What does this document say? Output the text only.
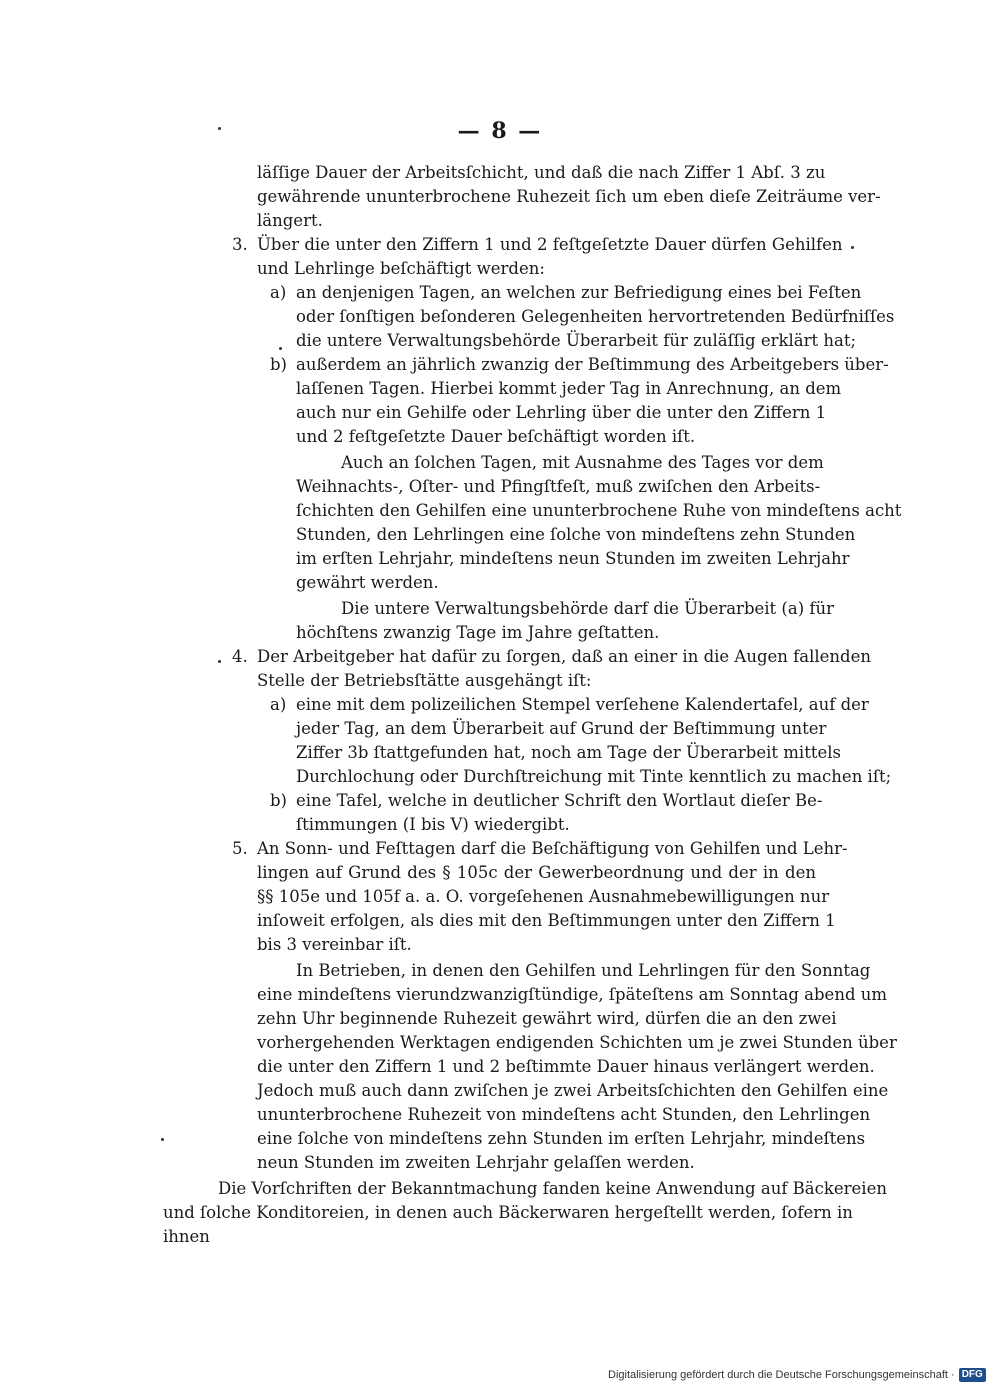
— 8 —
3.
a)
b)
4.
a)
b)
5.
läſſige Dauer der Arbeitsſchicht, und daß die nach Ziffer 1 Abſ. 3 zu
gewährende ununterbrochene Ruhezeit ſich um eben dieſe Zeiträume ver-
längert.
Über die unter den Ziffern 1 und 2 feſtgeſetzte Dauer dürfen Gehilfen
und Lehrlinge beſchäftigt werden:
an denjenigen Tagen, an welchen zur Befriedigung eines bei Feſten
oder ſonſtigen beſonderen Gelegenheiten hervortretenden Bedürfniſſes
die untere Verwaltungsbehörde Überarbeit für zuläſſig erklärt hat;
außerdem an jährlich zwanzig der Beſtimmung des Arbeitgebers über-
laſſenen Tagen. Hierbei kommt jeder Tag in Anrechnung, an dem
auch nur ein Gehilfe oder Lehrling über die unter den Ziffern 1
und 2 feſtgeſetzte Dauer beſchäftigt worden iſt.
Auch an ſolchen Tagen, mit Ausnahme des Tages vor dem
Weihnachts-, Oſter- und Pfingſtfeſt, muß zwiſchen den Arbeits-
ſchichten den Gehilfen eine ununterbrochene Ruhe von mindeſtens acht
Stunden, den Lehrlingen eine ſolche von mindeſtens zehn Stunden
im erſten Lehrjahr, mindeſtens neun Stunden im zweiten Lehrjahr
gewährt werden.
Die untere Verwaltungsbehörde darf die Überarbeit (a) für
höchſtens zwanzig Tage im Jahre geſtatten.
Der Arbeitgeber hat dafür zu ſorgen, daß an einer in die Augen fallenden
Stelle der Betriebsſtätte ausgehängt iſt:
eine mit dem polizeilichen Stempel verſehene Kalendertafel, auf der
jeder Tag, an dem Überarbeit auf Grund der Beſtimmung unter
Ziffer 3b ſtattgefunden hat, noch am Tage der Überarbeit mittels
Durchlochung oder Durchſtreichung mit Tinte kenntlich zu machen iſt;
eine Tafel, welche in deutlicher Schrift den Wortlaut dieſer Be-
ſtimmungen (I bis V) wiedergibt.
An Sonn- und Feſttagen darf die Beſchäftigung von Gehilfen und Lehr-
lingen auf Grund des § 105c der Gewerbeordnung und der in den
§§ 105e und 105f a. a. O. vorgeſehenen Ausnahmebewilligungen nur
inſoweit erfolgen, als dies mit den Beſtimmungen unter den Ziffern 1
bis 3 vereinbar iſt.
In Betrieben, in denen den Gehilfen und Lehrlingen für den Sonntag
eine mindeſtens vierundzwanzigſtündige, ſpäteſtens am Sonntag abend um
zehn Uhr beginnende Ruhezeit gewährt wird, dürfen die an den zwei
vorhergehenden Werktagen endigenden Schichten um je zwei Stunden über
die unter den Ziffern 1 und 2 beſtimmte Dauer hinaus verlängert werden.
Jedoch muß auch dann zwiſchen je zwei Arbeitsſchichten den Gehilfen eine
ununterbrochene Ruhezeit von mindeſtens acht Stunden, den Lehrlingen
eine ſolche von mindeſtens zehn Stunden im erſten Lehrjahr, mindeſtens
neun Stunden im zweiten Lehrjahr gelaſſen werden.
Die Vorſchriften der Bekanntmachung fanden keine Anwendung auf Bäckereien
und ſolche Konditoreien, in denen auch Bäckerwaren hergeſtellt werden, ſofern in
ihnen
Digitalisierung gefördert durch die Deutsche Forschungsgemeinschaft · DFG
